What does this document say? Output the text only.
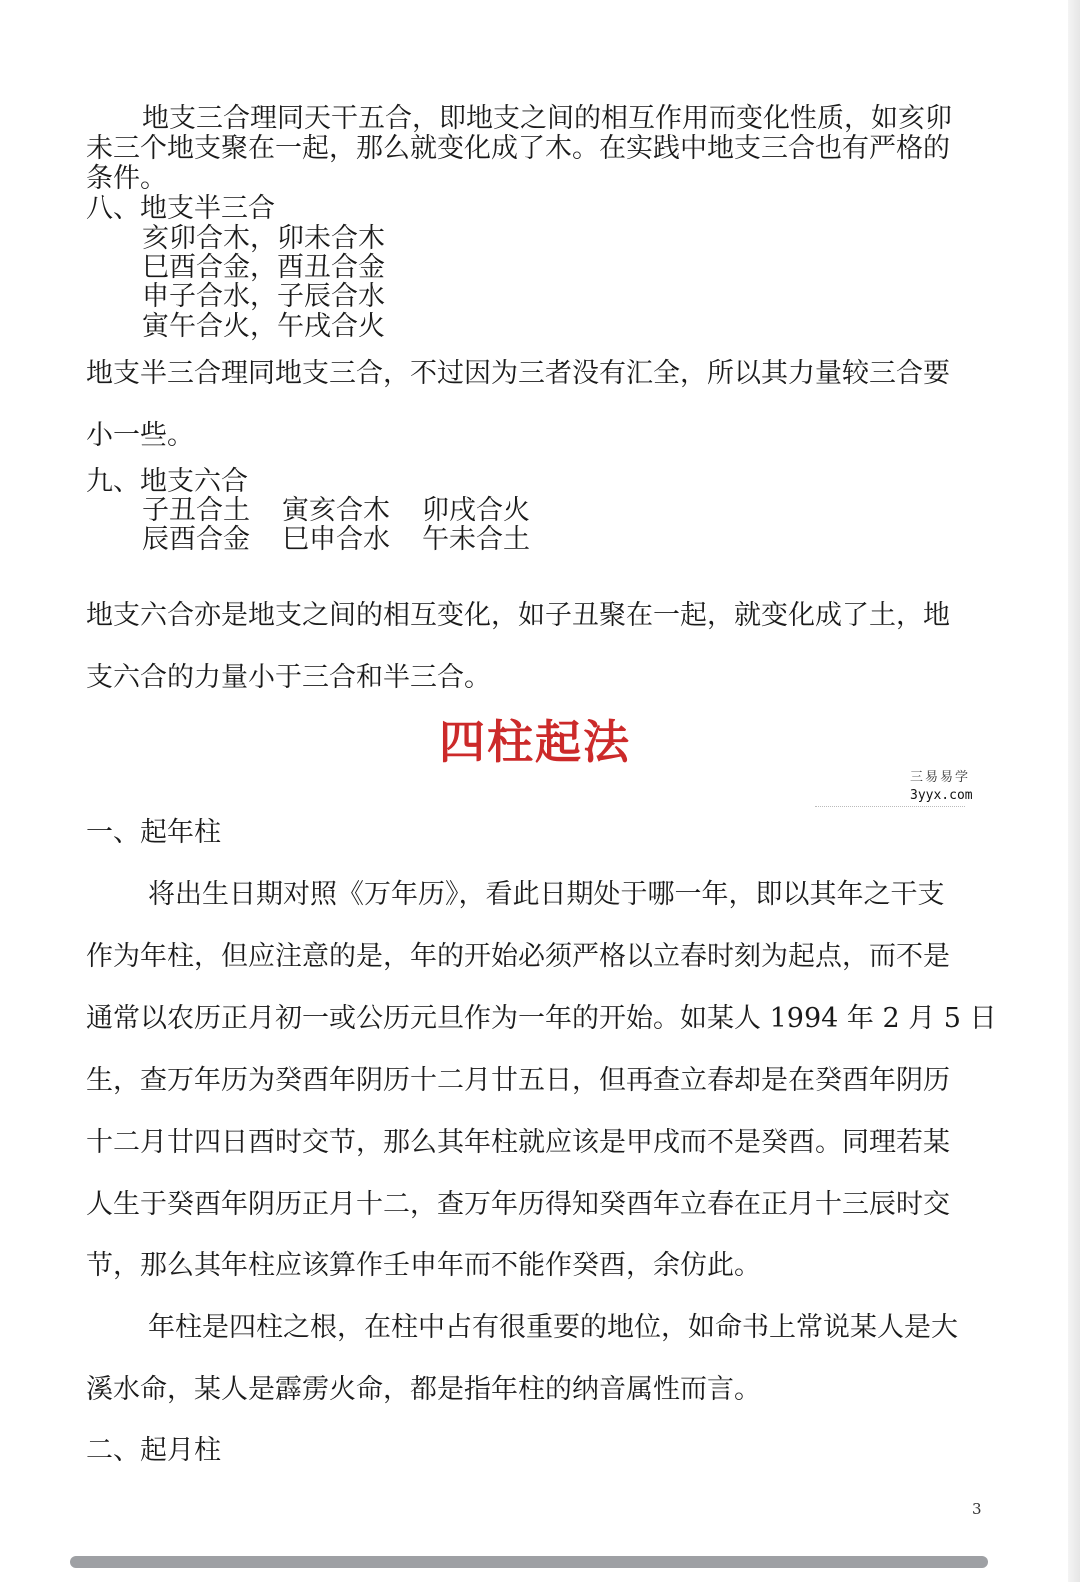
地支三合理同天干五合，即地支之间的相互作用而变化性质，如亥卯
未三个地支聚在一起，那么就变化成了木。在实践中地支三合也有严格的
条件。
八、地支半三合
亥卯合木，卯未合木
巳酉合金，酉丑合金
申子合水，子辰合水
寅午合火，午戌合火
地支半三合理同地支三合，不过因为三者没有汇全，所以其力量较三合要
小一些。
九、地支六合
子丑合土 寅亥合木 卯戌合火
辰酉合金 巳申合水 午未合土
地支六合亦是地支之间的相互变化，如子丑聚在一起，就变化成了土，地
支六合的力量小于三合和半三合。
四柱起法
三易易学
3yyx.com
一、起年柱
将出生日期对照《万年历》，看此日期处于哪一年，即以其年之干支
作为年柱，但应注意的是，年的开始必须严格以立春时刻为起点，而不是
通常以农历正月初一或公历元旦作为一年的开始。如某人 1994 年 2 月 5 日
生，查万年历为癸酉年阴历十二月廿五日，但再查立春却是在癸酉年阴历
十二月廿四日酉时交节，那么其年柱就应该是甲戌而不是癸酉。同理若某
人生于癸酉年阴历正月十二，查万年历得知癸酉年立春在正月十三辰时交
节，那么其年柱应该算作壬申年而不能作癸酉，余仿此。
年柱是四柱之根，在柱中占有很重要的地位，如命书上常说某人是大
溪水命，某人是霹雳火命，都是指年柱的纳音属性而言。
二、起月柱
3
